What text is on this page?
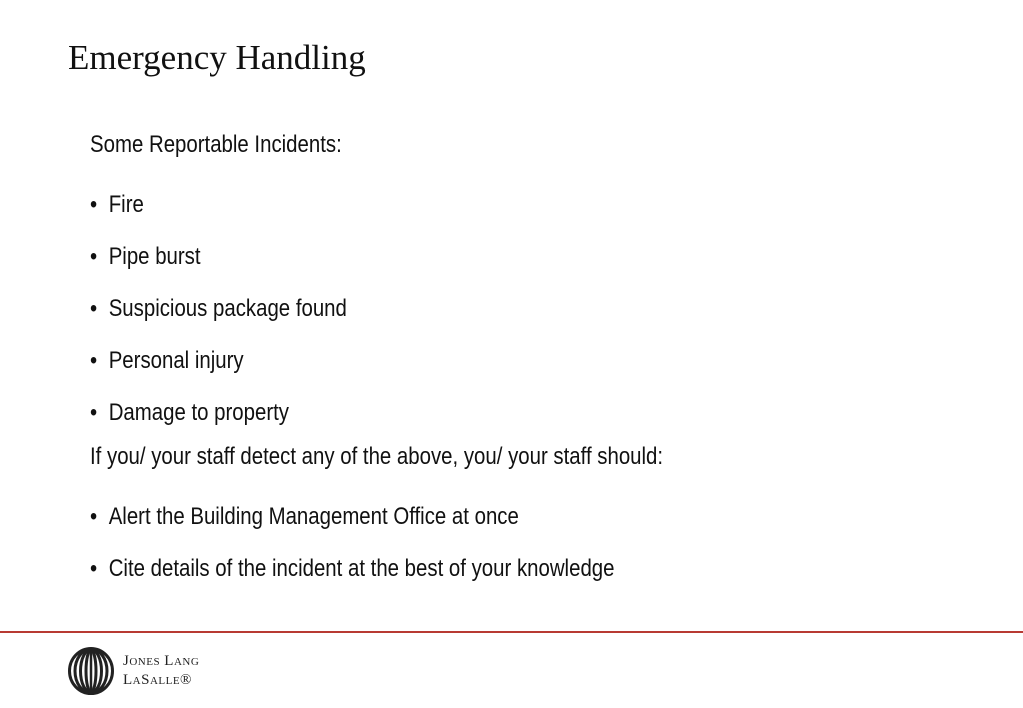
Emergency Handling
Some Reportable Incidents:
• Fire
• Pipe burst
• Suspicious package found
• Personal injury
• Damage to property
If you/ your staff detect any of the above, you/ your staff should:
• Alert the Building Management Office at once
• Cite details of the incident at the best of your knowledge
Jones Lang
LaSalle®
